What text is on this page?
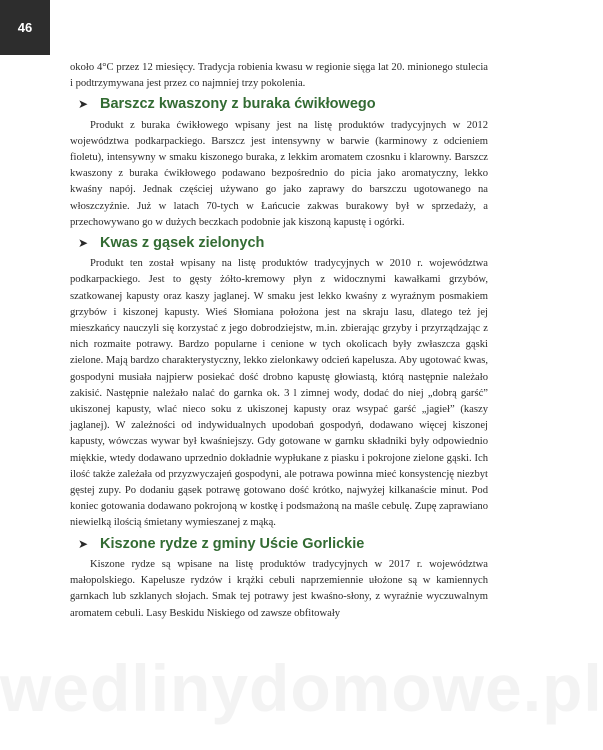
46

około 4°C przez 12 miesięcy. Tradycja robienia kwasu w regionie sięga lat 20. minionego stulecia i podtrzymywana jest przez co najmniej trzy pokolenia.

➤ Barszcz kwaszony z buraka ćwikłowego

Produkt z buraka ćwikłowego wpisany jest na listę produktów tradycyjnych w 2012 województwa podkarpackiego. Barszcz jest intensywny w barwie (karminowy z odcieniem fioletu), intensywny w smaku kiszonego buraka, z lekkim aromatem czosnku i klarowny. Barszcz kwaszony z buraka ćwikłowego podawano bezpośrednio do picia jako aromatyczny, lekko kwaśny napój. Jednak częściej używano go jako zaprawy do barszczu ugotowanego na włoszczyźnie. Już w latach 70-tych w Łańcucie zakwas burakowy był w sprzedaży, a przechowywano go w dużych beczkach podobnie jak kiszoną kapustę i ogórki.

➤ Kwas z gąsek zielonych

Produkt ten został wpisany na listę produktów tradycyjnych w 2010 r. województwa podkarpackiego. Jest to gęsty żółto-kremowy płyn z widocznymi kawałkami grzybów, szatkowanej kapusty oraz kaszy jaglanej. W smaku jest lekko kwaśny z wyraźnym posmakiem grzybów i kiszonej kapusty. Wieś Słomiana położona jest na skraju lasu, dlatego też jej mieszkańcy nauczyli się korzystać z jego dobrodziejstw, m.in. zbierając grzyby i przyrządzając z nich rozmaite potrawy. Bardzo popularne i cenione w tych okolicach były zwłaszcza gąski zielone. Mają bardzo charakterystyczny, lekko zielonkawy odcień kapelusza. Aby ugotować kwas, gospodyni musiała najpierw posiekać dość drobno kapustę głowiastą, którą następnie należało zakisić. Następnie należało nalać do garnka ok. 3 l zimnej wody, dodać do niej „dobrą garść” ukiszonej kapusty, wlać nieco soku z ukiszonej kapusty oraz wsypać garść „jagieł” (kaszy jaglanej). W zależności od indywidualnych upodobań gospodyń, dodawano więcej kiszonej kapusty, wówczas wywar był kwaśniejszy. Gdy gotowane w garnku składniki były odpowiednio miękkie, wtedy dodawano uprzednio dokładnie wypłukane z piasku i pokrojone zielone gąski. Ich ilość także zależała od przyzwyczajeń gospodyni, ale potrawa powinna mieć konsystencję niezbyt gęstej zupy. Po dodaniu gąsek potrawę gotowano dość krótko, najwyżej kilkanaście minut. Pod koniec gotowania dodawano pokrojoną w kostkę i podsmażoną na maśle cebulę. Zupę zaprawiano niewielką ilością śmietany wymieszanej z mąką.

➤ Kiszone rydze z gminy Uście Gorlickie

Kiszone rydze są wpisane na listę produktów tradycyjnych w 2017 r. województwa małopolskiego. Kapelusze rydzów i krążki cebuli naprzemiennie ułożone są w kamiennych garnkach lub szklanych słojach. Smak tej potrawy jest kwaśno-słony, z wyraźnie wyczuwalnym aromatem cebuli. Lasy Beskidu Niskiego od zawsze obfitowały

wedlinydomowe.pl
